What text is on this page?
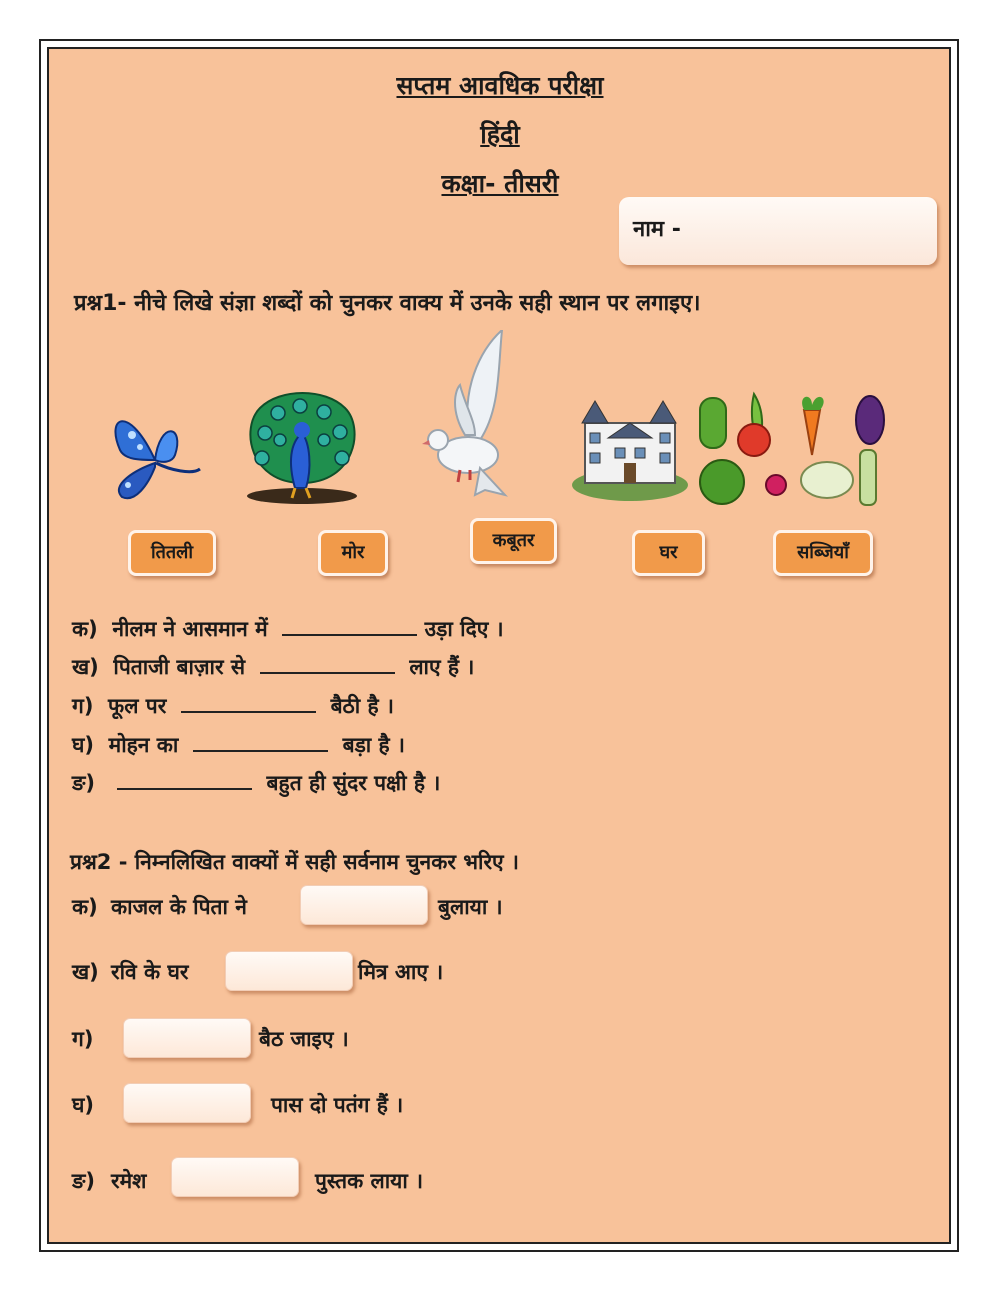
सप्तम आवधिक परीक्षा
हिंदी
कक्षा- तीसरी
नाम -
प्रश्न1- नीचे लिखे संज्ञा शब्दों को चुनकर वाक्य में उनके सही स्थान पर लगाइए।
तितली	मोर
कबूतर
घर	सब्जियाँ
क) नीलम ने आसमान में	उड़ा दिए ।
ख) पिताजी बाज़ार से	लाए हैं ।
ग) फूल पर	बैठी है ।
घ) मोहन का	बड़ा है ।
ङ)	बहुत ही सुंदर पक्षी है ।
प्रश्न2 - निम्नलिखित वाक्यों में सही सर्वनाम चुनकर भरिए ।
क) काजल के पिता ने	बुलाया ।
ख) रवि के घर	मित्र आए ।
ग)	बैठ जाइए ।
घ)	पास दो पतंग हैं ।
ङ) रमेश	पुस्तक लाया ।
